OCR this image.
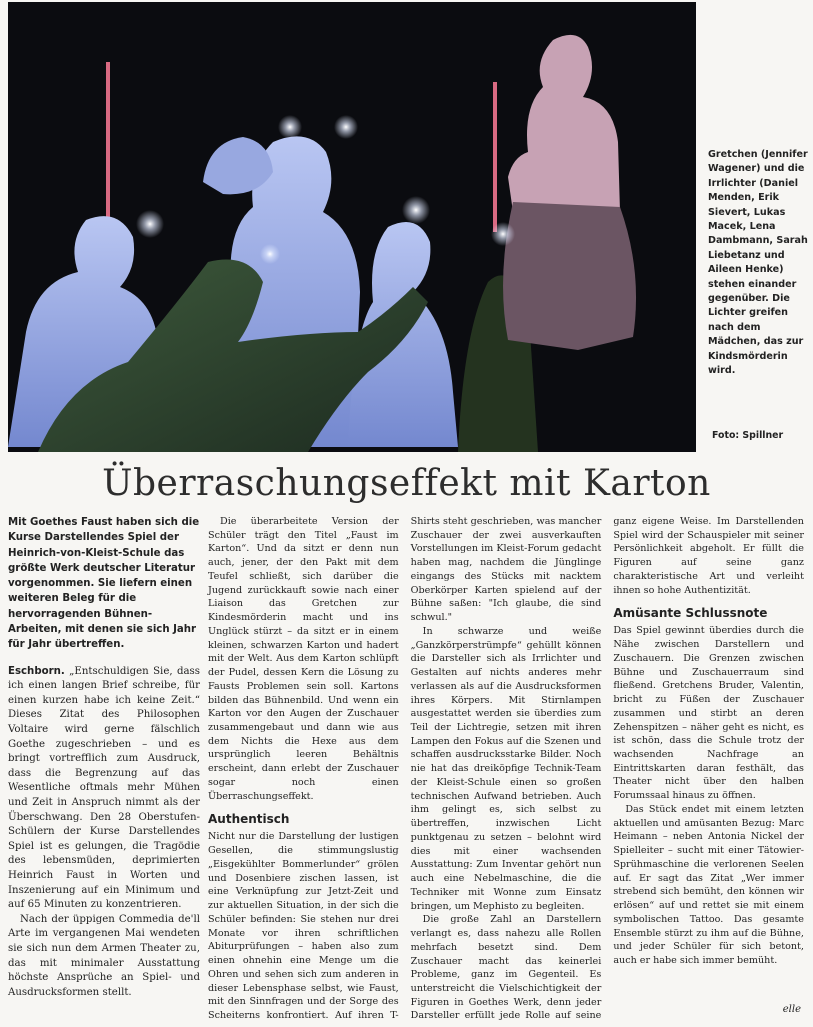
Gretchen (Jennifer Wagener) und die Irrlichter (Daniel Menden, Erik Sievert, Lukas Macek, Lena Dambmann, Sarah Liebetanz und Aileen Henke) stehen einander gegenüber. Die Lichter greifen nach dem Mädchen, das zur Kindsmörderin wird.
Foto: Spillner
Überraschungseffekt mit Karton

Mit Goethes Faust haben sich die Kurse Darstellendes Spiel der Heinrich-von-Kleist-Schule das größte Werk deutscher Literatur vorgenommen. Sie liefern einen weiteren Beleg für die hervorragenden Bühnen-Arbeiten, mit denen sie sich Jahr für Jahr übertreffen.

Eschborn. „Entschuldigen Sie, dass ich einen langen Brief schreibe, für einen kurzen habe ich keine Zeit.“ Dieses Zitat des Philosophen Voltaire wird gerne fälschlich Goethe zugeschrieben – und es bringt vortrefflich zum Ausdruck, dass die Begrenzung auf das Wesentliche oftmals mehr Mühen und Zeit in Anspruch nimmt als der Überschwang. Den 28 Oberstufen-Schülern der Kurse Darstellendes Spiel ist es gelungen, die Tragödie des lebensmüden, deprimierten Heinrich Faust in Worten und Inszenierung auf ein Minimum und auf 65 Minuten zu konzentrieren.

Nach der üppigen Commedia de'll Arte im vergangenen Mai wendeten sie sich nun dem Armen Theater zu, das mit minimaler Ausstattung höchste Ansprüche an Spiel- und Ausdrucksformen stellt.

Die überarbeitete Version der Schüler trägt den Titel „Faust im Karton“. Und da sitzt er denn nun auch, jener, der den Pakt mit dem Teufel schließt, sich darüber die Jugend zurückkauft sowie nach einer Liaison das Gretchen zur Kindesmörderin macht und ins Unglück stürzt – da sitzt er in einem kleinen, schwarzen Karton und hadert mit der Welt. Aus dem Karton schlüpft der Pudel, dessen Kern die Lösung zu Fausts Problemen sein soll. Kartons bilden das Bühnenbild. Und wenn ein Karton vor den Augen der Zuschauer zusammengebaut und dann wie aus dem Nichts die Hexe aus dem ursprünglich leeren Behältnis erscheint, dann erlebt der Zuschauer sogar noch einen Überraschungseffekt.

Authentisch

Nicht nur die Darstellung der lustigen Gesellen, die stimmungslustig „Eisgekühlter Bommerlunder“ grölen und Dosenbiere zischen lassen, ist eine Verknüpfung zur Jetzt-Zeit und zur aktuellen Situation, in der sich die Schüler befinden: Sie stehen nur drei Monate vor ihren schriftlichen Abiturprüfungen – haben also zum einen ohnehin eine Menge um die Ohren und sehen sich zum anderen in dieser Lebensphase selbst, wie Faust, mit den Sinnfragen und der Sorge des Scheiterns konfrontiert. Auf ihren T-Shirts steht geschrieben, was mancher Zuschauer der zwei ausverkauften Vorstellungen im Kleist-Forum gedacht haben mag, nachdem die Jünglinge eingangs des Stücks mit nacktem Oberkörper Karten spielend auf der Bühne saßen: "Ich glaube, die sind schwul."

In schwarze und weiße „Ganzkörperstrümpfe“ gehüllt können die Darsteller sich als Irrlichter und Gestalten auf nichts anderes mehr verlassen als auf die Ausdrucksformen ihres Körpers. Mit Stirnlampen ausgestattet werden sie überdies zum Teil der Lichtregie, setzen mit ihren Lampen den Fokus auf die Szenen und schaffen ausdrucksstarke Bilder. Noch nie hat das dreiköpfige Technik-Team der Kleist-Schule einen so großen technischen Aufwand betrieben. Auch ihm gelingt es, sich selbst zu übertreffen, inzwischen Licht punktgenau zu setzen – belohnt wird dies mit einer wachsenden Ausstattung: Zum Inventar gehört nun auch eine Nebelmaschine, die die Techniker mit Wonne zum Einsatz bringen, um Mephisto zu begleiten.

Die große Zahl an Darstellern verlangt es, dass nahezu alle Rollen mehrfach besetzt sind. Dem Zuschauer macht das keinerlei Probleme, ganz im Gegenteil. Es unterstreicht die Vielschichtigkeit der Figuren in Goethes Werk, denn jeder Darsteller erfüllt jede Rolle auf seine ganz eigene Weise. Im Darstellenden Spiel wird der Schauspieler mit seiner Persönlichkeit abgeholt. Er füllt die Figuren auf seine ganz charakteristische Art und verleiht ihnen so hohe Authentizität.

Amüsante Schlussnote

Das Spiel gewinnt überdies durch die Nähe zwischen Darstellern und Zuschauern. Die Grenzen zwischen Bühne und Zuschauerraum sind fließend. Gretchens Bruder, Valentin, bricht zu Füßen der Zuschauer zusammen und stirbt an deren Zehenspitzen – näher geht es nicht, es ist schön, dass die Schule trotz der wachsenden Nachfrage an Eintrittskarten daran festhält, das Theater nicht über den halben Forumssaal hinaus zu öffnen.

Das Stück endet mit einem letzten aktuellen und amüsanten Bezug: Marc Heimann – neben Antonia Nickel der Spielleiter – sucht mit einer Tätowier-Sprühmaschine die verlorenen Seelen auf. Er sagt das Zitat „Wer immer strebend sich bemüht, den können wir erlösen“ auf und rettet sie mit einem symbolischen Tattoo. Das gesamte Ensemble stürzt zu ihm auf die Bühne, und jeder Schüler für sich betont, auch er habe sich immer bemüht.

elle
